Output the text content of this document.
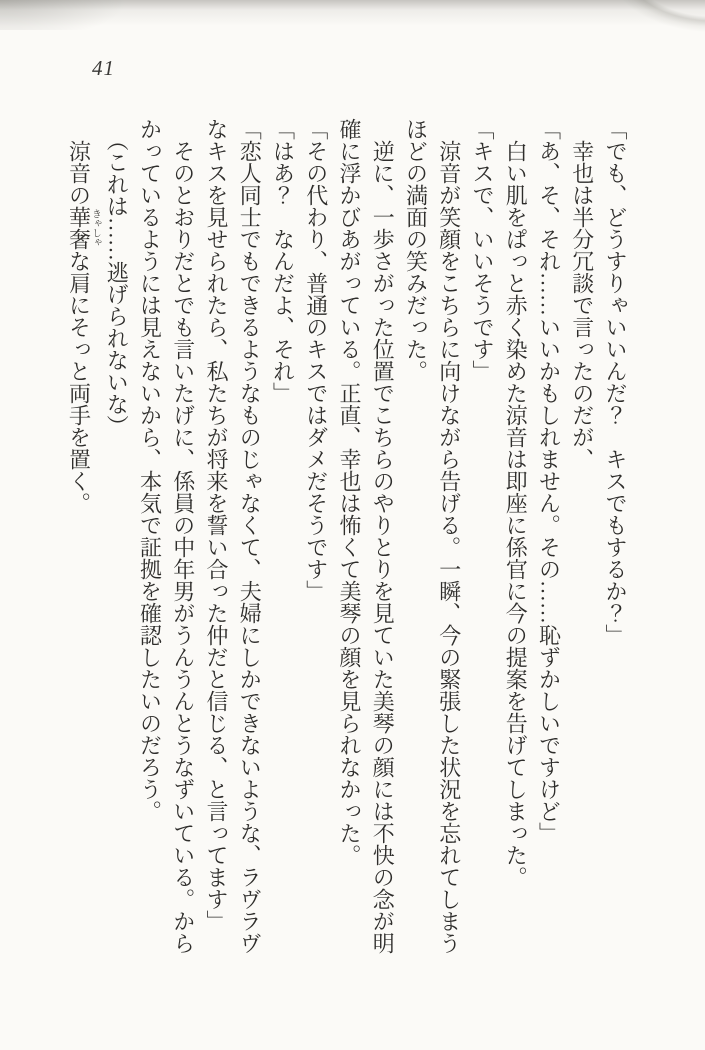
41

「でも、どうすりゃいいんだ？　キスでもするか？」

　幸也は半分冗談で言ったのだが、

「あ、そ、それ……いいかもしれません。その……恥ずかしいですけど」

　白い肌をぱっと赤く染めた涼音は即座に係官に今の提案を告げてしまった。

「キスで、いいそうです」

　涼音が笑顔をこちらに向けながら告げる。一瞬、今の緊張した状況を忘れてしまう

ほどの満面の笑みだった。

　逆に、一歩さがった位置でこちらのやりとりを見ていた美琴の顔には不快の念が明

確に浮かびあがっている。正直、幸也は怖くて美琴の顔を見られなかった。

「その代わり、普通のキスではダメだそうです」

「はあ？　なんだよ、それ」

「恋人同士でもできるようなものじゃなくて、夫婦にしかできないような、ラヴラヴ

なキスを見せられたら、私たちが将来を誓い合った仲だと信じる、と言ってます」

　そのとおりだとでも言いたげに、係員の中年男がうんうんとうなずいている。から

かっているようには見えないから、本気で証拠を確認したいのだろう。

　（これは……逃げられないな）

　涼音の華奢きゃしゃな肩にそっと両手を置く。
